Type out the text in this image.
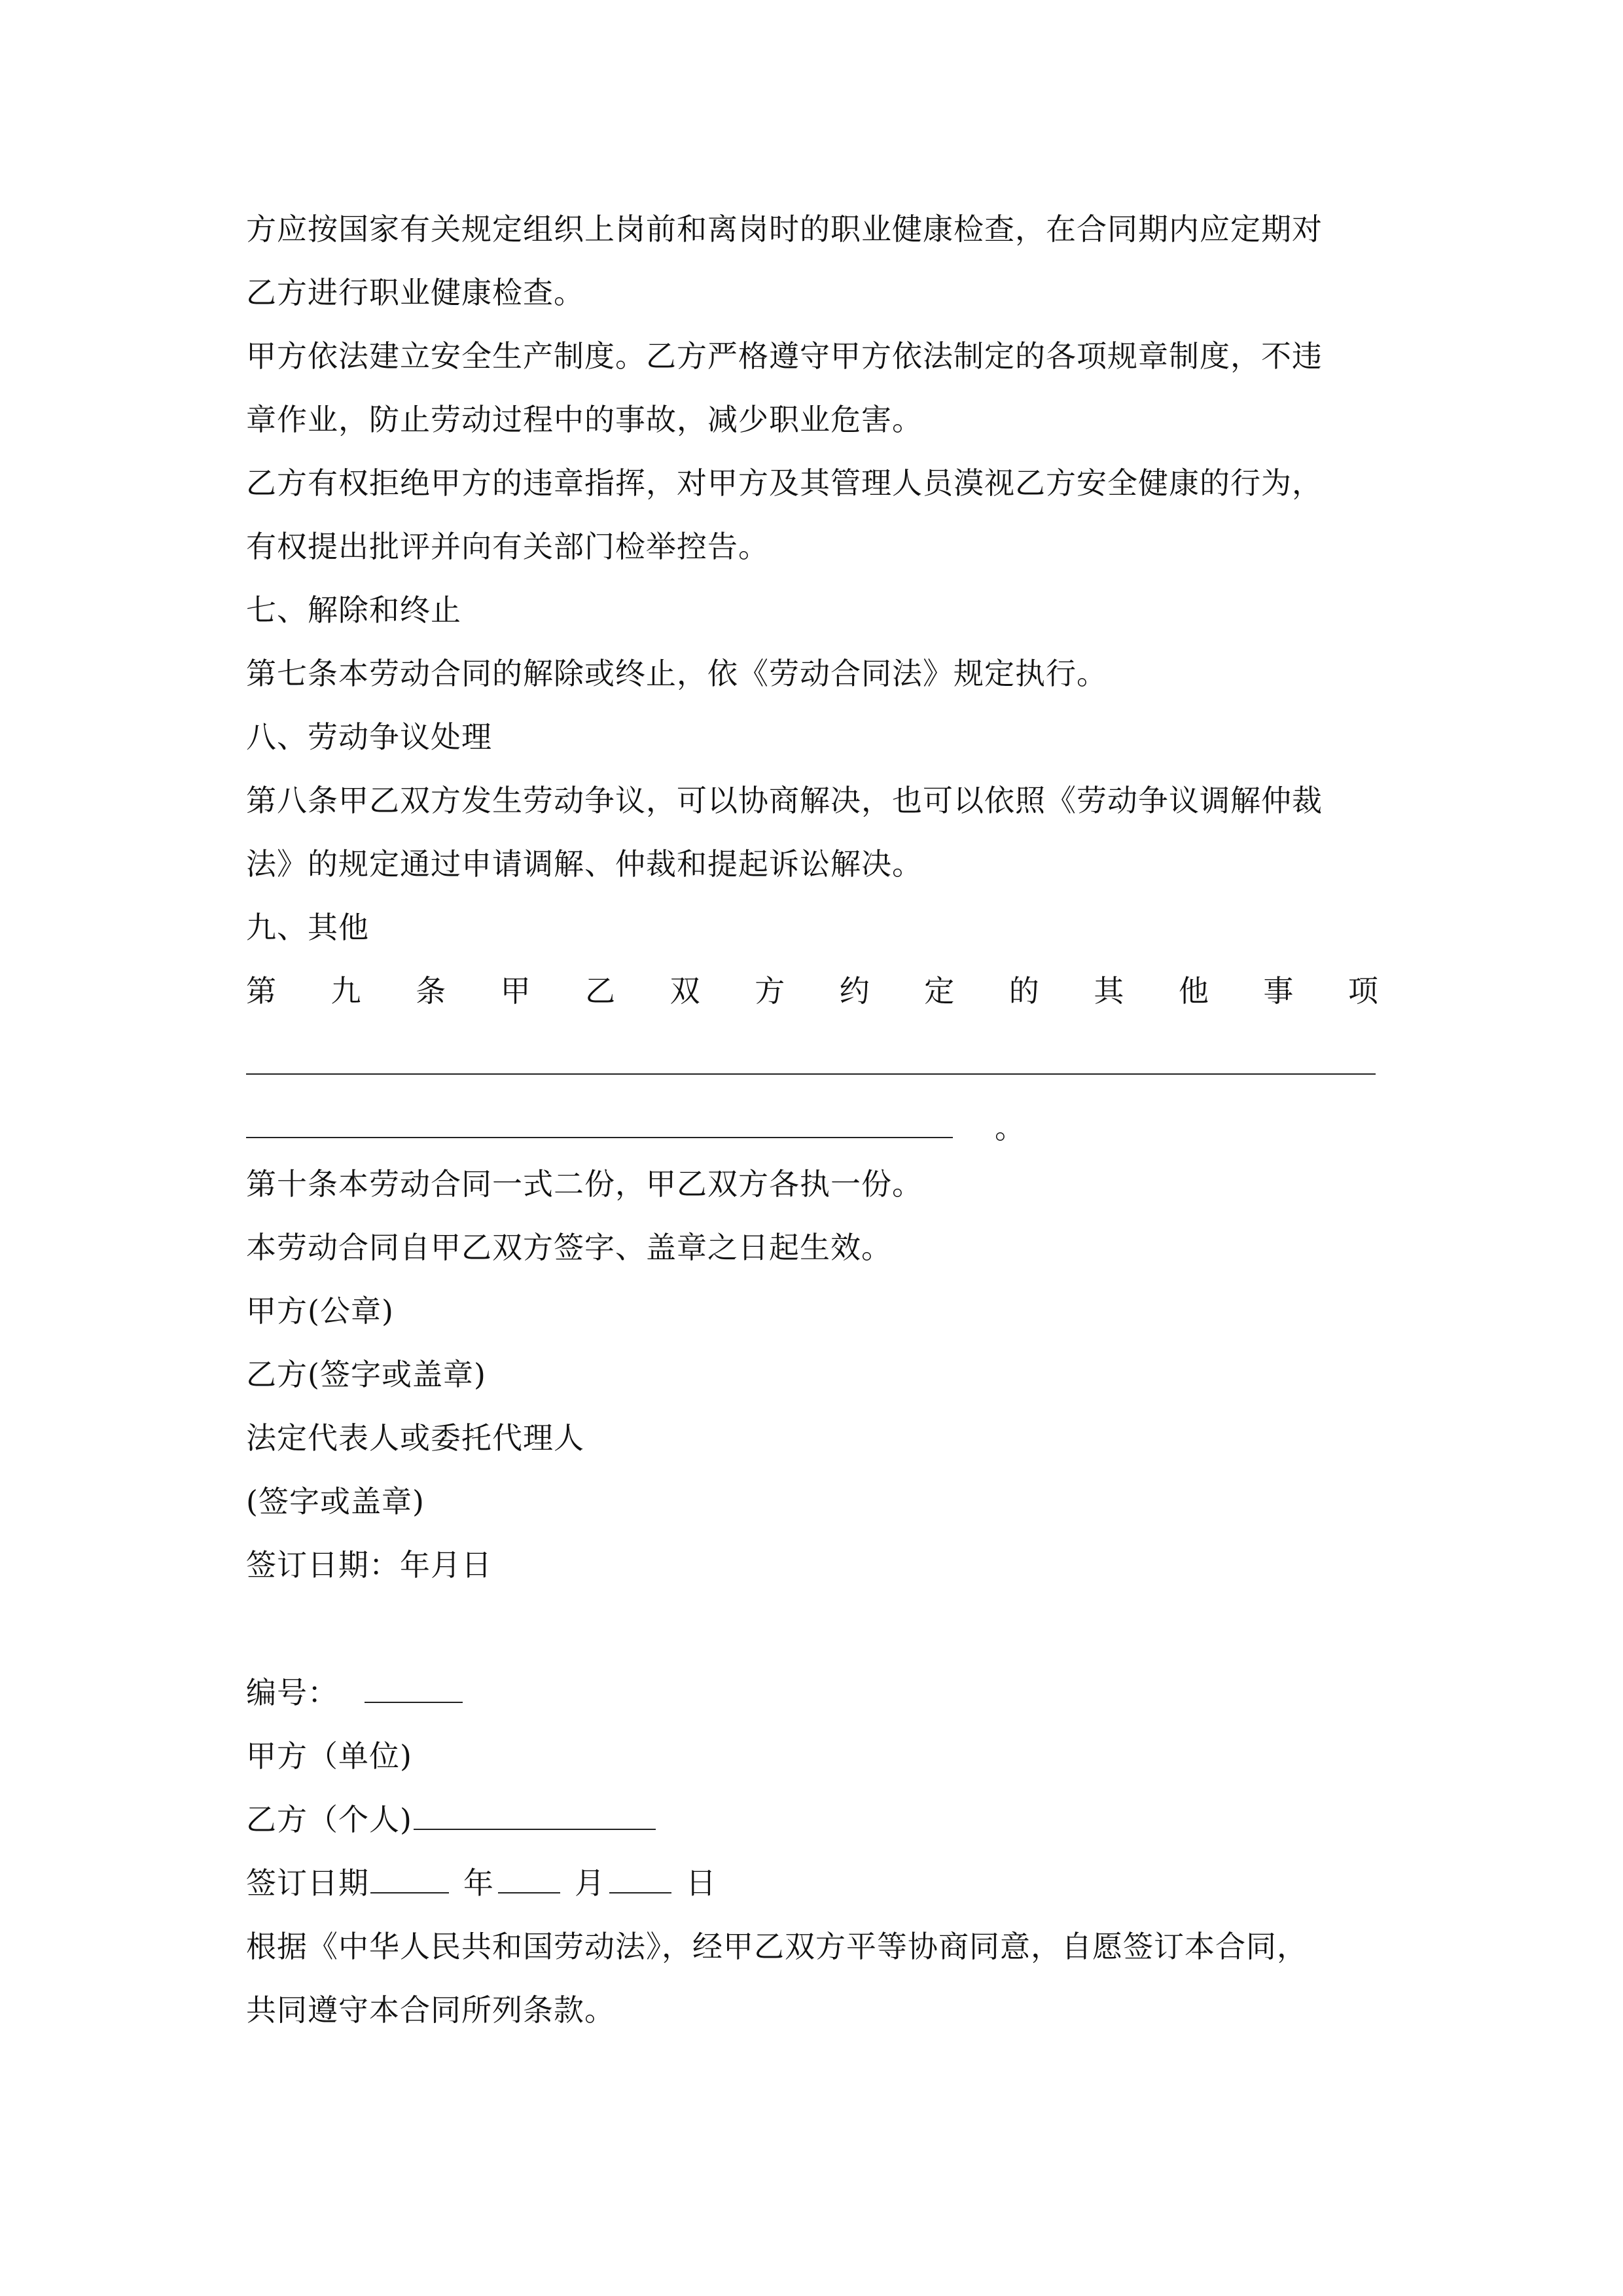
方应按国家有关规定组织上岗前和离岗时的职业健康检查，在合同期内应定期对
乙方进行职业健康检查。
甲方依法建立安全生产制度。乙方严格遵守甲方依法制定的各项规章制度，不违
章作业，防止劳动过程中的事故，减少职业危害。
乙方有权拒绝甲方的违章指挥，对甲方及其管理人员漠视乙方安全健康的行为，
有权提出批评并向有关部门检举控告。
七、解除和终止
第七条本劳动合同的解除或终止，依《劳动合同法》规定执行。
八、劳动争议处理
第八条甲乙双方发生劳动争议，可以协商解决，也可以依照《劳动争议调解仲裁
法》的规定通过申请调解、仲裁和提起诉讼解决。
九、其他
第 九 条 甲 乙 双 方 约 定 的 其 他 事 项
。
第十条本劳动合同一式二份，甲乙双方各执一份。
本劳动合同自甲乙双方签字、盖章之日起生效。
甲方(公章)
乙方(签字或盖章)
法定代表人或委托代理人
(签字或盖章)
签订日期：年月日
编号：
甲方（单位)
乙方（个人)
签订日期	年	月	日
根据《中华人民共和国劳动法》，经甲乙双方平等协商同意，自愿签订本合同，
共同遵守本合同所列条款。
